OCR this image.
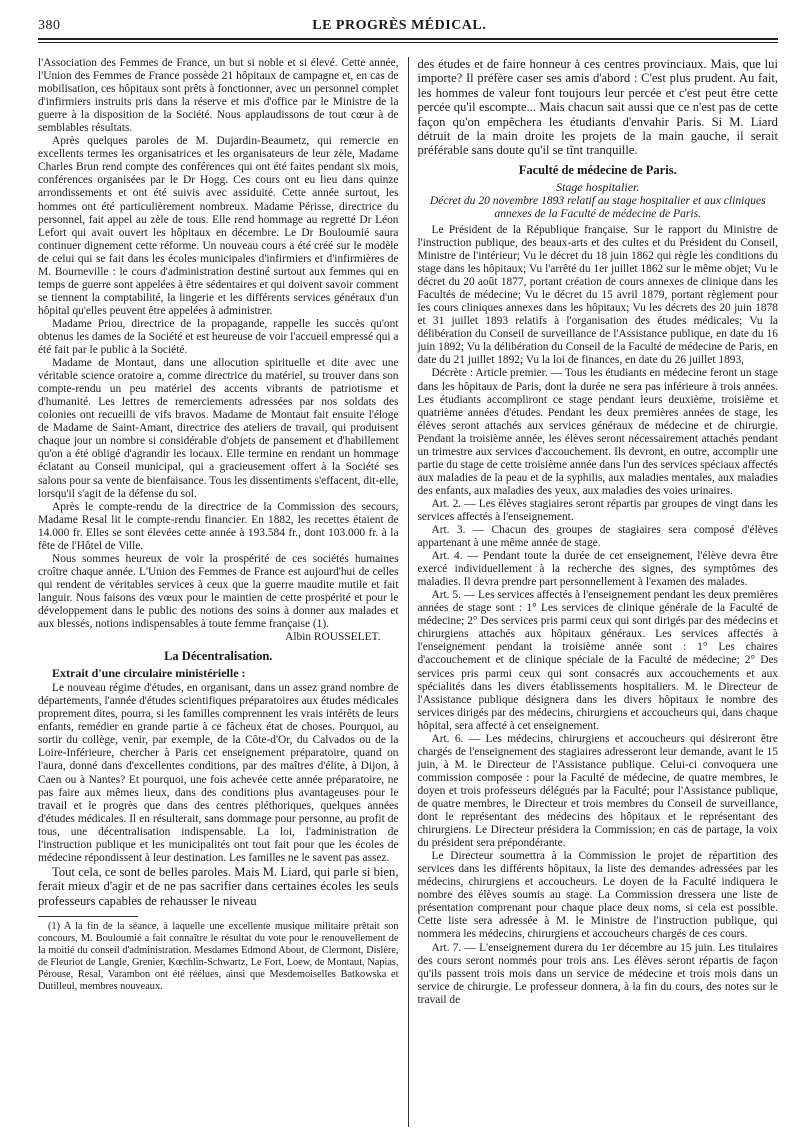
380	LE PROGRÈS MÉDICAL.

l'Association des Femmes de France, un but si noble et si élevé. Cette année, l'Union des Femmes de France possède 21 hôpitaux de campagne et, en cas de mobilisation, ces hôpitaux sont prêts à fonctionner, avec un personnel complet d'infirmiers instruits pris dans la réserve et mis d'office par le Ministre de la guerre à la disposition de la Société. Nous applaudissons de tout cœur à de semblables résultats.

Après quelques paroles de M. Dujardin-Beaumetz, qui remercie en excellents termes les organisatrices et les organisateurs de leur zèle, Madame Charles Brun rend compte des conférences qui ont été faites pendant six mois, conférences organisées par le Dr Hogg. Ces cours ont eu lieu dans quinze arrondissements et ont été suivis avec assiduité. Cette année surtout, les hommes ont été particulièrement nombreux. Madame Périsse, directrice du personnel, fait appel au zèle de tous. Elle rend hommage au regretté Dr Léon Lefort qui avait ouvert les hôpitaux en décembre. Le Dr Bouloumié saura continuer dignement cette réforme. Un nouveau cours a été créé sur le modèle de celui qui se fait dans les écoles municipales d'infirmiers et d'infirmières de M. Bourneville : le cours d'administration destiné surtout aux femmes qui en temps de guerre sont appelées à être sédentaires et qui doivent savoir comment se tiennent la comptabilité, la lingerie et les différents services généraux d'un hôpital qu'elles peuvent être appelées à administrer.

Madame Priou, directrice de la propagande, rappelle les succès qu'ont obtenus les dames de la Société et est heureuse de voir l'accueil empressé qui a été fait par le public à la Société.

Madame de Montaut, dans une allocution spirituelle et dite avec une véritable science oratoire a, comme directrice du matériel, su trouver dans son compte-rendu un peu matériel des accents vibrants de patriotisme et d'humanité. Les lettres de remerciements adressées par nos soldats des colonies ont recueilli de vifs bravos. Madame de Montaut fait ensuite l'éloge de Madame de Saint-Amant, directrice des ateliers de travail, qui produisent chaque jour un nombre si considérable d'objets de pansement et d'habillement qu'on a été obligé d'agrandir les locaux. Elle termine en rendant un hommage éclatant au Conseil municipal, qui a gracieusement offert à la Société ses salons pour sa vente de bienfaisance. Tous les dissentiments s'effacent, dit-elle, lorsqu'il s'agit de la défense du sol.

Après le compte-rendu de la directrice de la Commission des secours, Madame Resal lit le compte-rendu financier. En 1882, les recettes étaient de 14.000 fr. Elles se sont élevées cette année à 193.584 fr., dont 103.000 fr. à la fête de l'Hôtel de Ville.

Nous sommes heureux de voir la prospérité de ces sociétés humaines croître chaque année. L'Union des Femmes de France est aujourd'hui de celles qui rendent de véritables services à ceux que la guerre maudite mutile et fait languir. Nous faisons des vœux pour le maintien de cette prospérité et pour le développement dans le public des notions des soins à donner aux malades et aux blessés, notions indispensables à toute femme française (1).

Albin ROUSSELET.
La Décentralisation.
Extrait d'une circulaire ministérielle :

Le nouveau régime d'études, en organisant, dans un assez grand nombre de départements, l'année d'études scientifiques préparatoires aux études médicales proprement dites, pourra, si les familles comprennent les vrais intérêts de leurs enfants, remédier en grande partie à ce fâcheux état de choses. Pourquoi, au sortir du collège, venir, par exemple, de la Côte-d'Or, du Calvados ou de la Loire-Inférieure, chercher à Paris cet enseignement préparatoire, quand on l'aura, donné dans d'excellentes conditions, par des maîtres d'élite, à Dijon, à Caen ou à Nantes? Et pourquoi, une fois achevée cette année préparatoire, ne pas faire aux mêmes lieux, dans des conditions plus avantageuses pour le travail et le progrès que dans des centres pléthoriques, quelques années d'études médicales. Il en résulterait, sans dommage pour personne, au profit de tous, une décentralisation indispensable. La loi, l'administration de l'instruction publique et les municipalités ont tout fait pour que les écoles de médecine répondissent à leur destination. Les familles ne le savent pas assez.

Tout cela, ce sont de belles paroles. Mais M. Liard, qui parle si bien, ferait mieux d'agir et de ne pas sacrifier dans certaines écoles les seuls professeurs capables de rehausser le niveau

(1) A la fin de la séance, à laquelle une excellente musique militaire prêtait son concours, M. Bouloumié a fait connaître le résultat du vote pour le renouvellement de la moitié du conseil d'administration. Mesdames Edmond About, de Clermont, Dislère, de Fleuriot de Langle, Grenier, Kœchlin-Schwartz, Le Fort, Loew, de Montaut, Napias, Pérouse, Resal, Varambon ont été réélues, ainsi que Mesdemoiselles Batkowska et Dutilleul, membres nouveaux.

des études et de faire honneur à ces centres provinciaux. Mais, que lui importe? Il préfère caser ses amis d'abord : C'est plus prudent. Au fait, les hommes de valeur font toujours leur percée et c'est peut être cette percée qu'il escompte... Mais chacun sait aussi que ce n'est pas de cette façon qu'on empêchera les étudiants d'envahir Paris. Si M. Liard détruit de la main droite les projets de la main gauche, il serait préférable sans doute qu'il se tînt tranquille.

Faculté de médecine de Paris.
Stage hospitalier.
Décret du 20 novembre 1893 relatif au stage hospitalier et aux cliniques annexes de la Faculté de médecine de Paris.

Le Président de la République française. Sur le rapport du Ministre de l'instruction publique, des beaux-arts et des cultes et du Président du Conseil, Ministre de l'intérieur; Vu le décret du 18 juin 1862 qui règle les conditions du stage dans les hôpitaux; Vu l'arrêté du 1er juillet 1862 sur le même objet; Vu le décret du 20 août 1877, portant création de cours annexes de clinique dans les Facultés de médecine; Vu le décret du 15 avril 1879, portant règlement pour les cours cliniques annexes dans les hôpitaux; Vu les décrets des 20 juin 1878 et 31 juillet 1893 relatifs à l'organisation des études médicales; Vu la délibération du Conseil de surveillance de l'Assistance publique, en date du 16 juin 1892; Vu la délibération du Conseil de la Faculté de médecine de Paris, en date du 21 juillet 1892; Vu la loi de finances, en date du 26 juillet 1893,

Décrète : Article premier. — Tous les étudiants en médecine feront un stage dans les hôpitaux de Paris, dont la durée ne sera pas inférieure à trois années. Les étudiants accompliront ce stage pendant leurs deuxième, troisième et quatrième années d'études. Pendant les deux premières années de stage, les élèves seront attachés aux services généraux de médecine et de chirurgie. Pendant la troisième année, les élèves seront nécessairement attachés pendant un trimestre aux services d'accouchement. Ils devront, en outre, accomplir une partie du stage de cette troisième année dans l'un des services spéciaux affectés aux maladies de la peau et de la syphilis, aux maladies mentales, aux maladies des enfants, aux maladies des yeux, aux maladies des voies urinaires.

Art. 2. — Les élèves stagiaires seront répartis par groupes de vingt dans les services affectés à l'enseignement.

Art. 3. — Chacun des groupes de stagiaires sera composé d'élèves appartenant à une même année de stage.

Art. 4. — Pendant toute la durée de cet enseignement, l'élève devra être exercé individuellement à la recherche des signes, des symptômes des maladies. Il devra prendre part personnellement à l'examen des malades.

Art. 5. — Les services affectés à l'enseignement pendant les deux premières années de stage sont : 1° Les services de clinique générale de la Faculté de médecine; 2° Des services pris parmi ceux qui sont dirigés par des médecins et chirurgiens attachés aux hôpitaux généraux. Les services affectés à l'enseignement pendant la troisième année sont : 1° Les chaires d'accouchement et de clinique spéciale de la Faculté de médecine; 2° Des services pris parmi ceux qui sont consacrés aux accouchements et aux spécialités dans les divers établissements hospitaliers. M. le Directeur de l'Assistance publique désignera dans les divers hôpitaux le nombre des services dirigés par des médecins, chirurgiens et accoucheurs qui, dans chaque hôpital, sera affecté à cet enseignement.

Art. 6. — Les médecins, chirurgiens et accoucheurs qui désireront être chargés de l'enseignement des stagiaires adresseront leur demande, avant le 15 juin, à M. le Directeur de l'Assistance publique. Celui-ci convoquera une commission composée : pour la Faculté de médecine, de quatre membres, le doyen et trois professeurs délégués par la Faculté; pour l'Assistance publique, de quatre membres, le Directeur et trois membres du Conseil de surveillance, dont le représentant des médecins des hôpitaux et le représentant des chirurgiens. Le Directeur présidera la Commission; en cas de partage, la voix du président sera prépondérante.

Le Directeur soumettra à la Commission le projet de répartition des services dans les différents hôpitaux, la liste des demandes adressées par les médecins, chirurgiens et accoucheurs. Le doyen de la Faculté indiquera le nombre des élèves soumis au stage. La Commission dressera une liste de présentation comprenant pour chaque place deux noms, si cela est possible. Cette liste sera adressée à M. le Ministre de l'instruction publique, qui nommera les médecins, chirurgiens et accoucheurs chargés de ces cours.

Art. 7. — L'enseignement durera du 1er décembre au 15 juin. Les titulaires des cours seront nommés pour trois ans. Les élèves seront répartis de façon qu'ils passent trois mois dans un service de médecine et trois mois dans un service de chirurgie. Le professeur donnera, à la fin du cours, des notes sur le travail de
